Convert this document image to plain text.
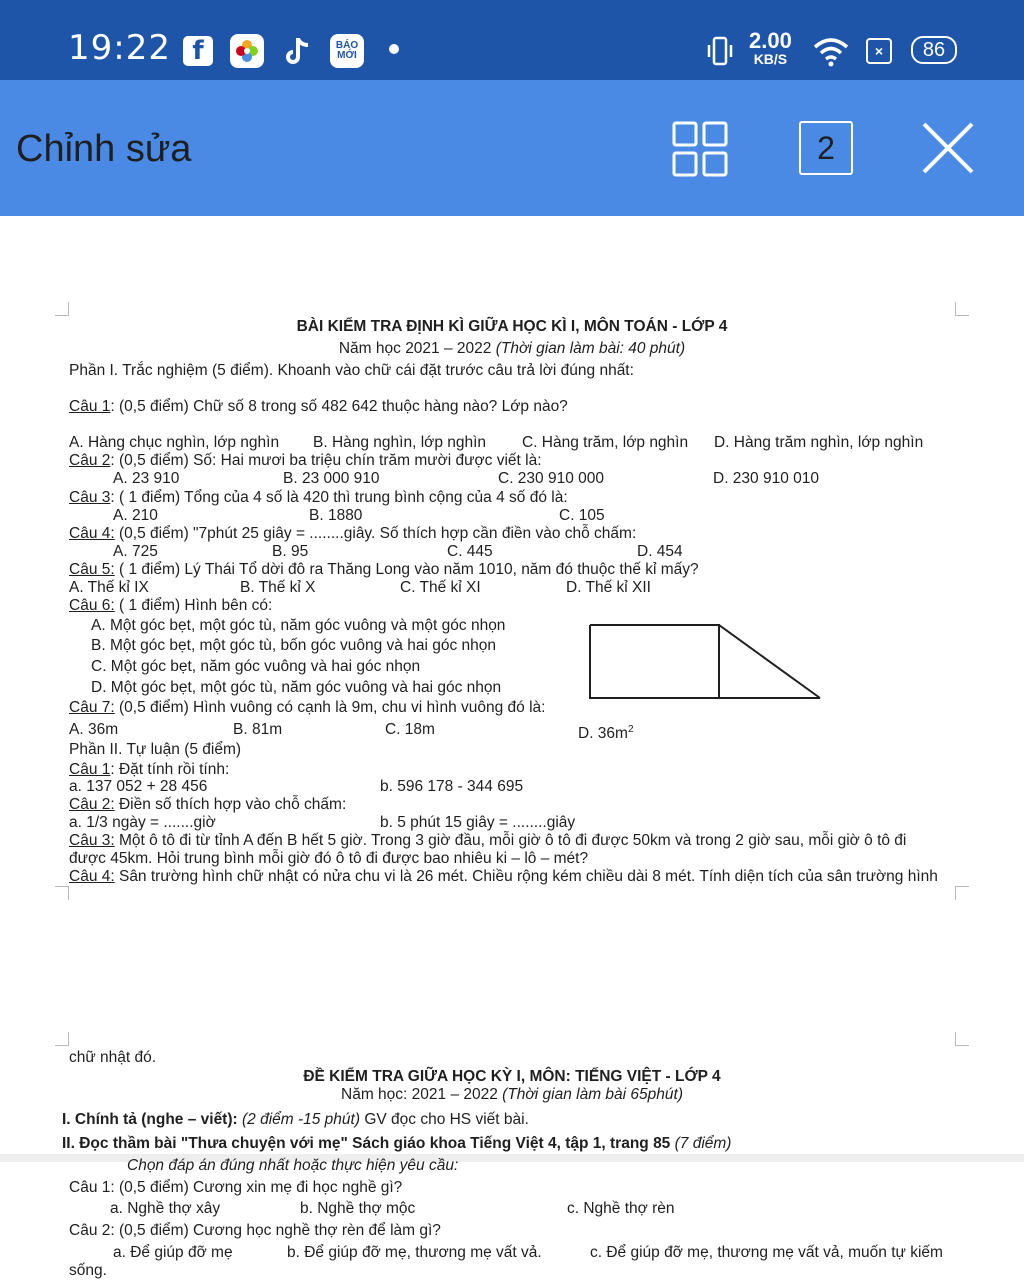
19:22 f	BÁO
MỚI
2.00
KB/S	×	86
Chỉnh sửa	2
BÀI KIỂM TRA ĐỊNH KÌ GIỮA HỌC KÌ I, MÔN TOÁN - LỚP 4
Năm học 2021 – 2022 (Thời gian làm bài: 40 phút)
Phần I. Trắc nghiệm (5 điểm). Khoanh vào chữ cái đặt trước câu trả lời đúng nhất:
Câu 1: (0,5 điểm) Chữ số 8 trong số 482 642 thuộc hàng nào? Lớp nào?
A. Hàng chục nghìn, lớp nghìn B. Hàng nghìn, lớp nghìn C. Hàng trăm, lớp nghìn D. Hàng trăm nghìn, lớp nghìn
Câu 2: (0,5 điểm) Số: Hai mươi ba triệu chín trăm mười được viết là:
A. 23 910	B. 23 000 910	C. 230 910 000	D. 230 910 010
Câu 3: ( 1 điểm) Tổng của 4 số là 420 thì trung bình cộng của 4 số đó là:
A. 210	B. 1880	C. 105
Câu 4: (0,5 điểm) "7phút 25 giây = ........giây. Số thích hợp cần điền vào chỗ chấm:
A. 725	B. 95	C. 445	D. 454
Câu 5: ( 1 điểm) Lý Thái Tổ dời đô ra Thăng Long vào năm 1010, năm đó thuộc thế kỉ mấy?
A. Thế kỉ IX	B. Thế kỉ X	C. Thế kỉ XI	D. Thế kỉ XII
Câu 6: ( 1 điểm) Hình bên có:
A. Một góc bẹt, một góc tù, năm góc vuông và một góc nhọn
B. Một góc bẹt, một góc tù, bốn góc vuông và hai góc nhọn
C. Một góc bẹt, năm góc vuông và hai góc nhọn
D. Một góc bẹt, một góc tù, năm góc vuông và hai góc nhọn
Câu 7: (0,5 điểm) Hình vuông có cạnh là 9m, chu vi hình vuông đó là:
A. 36m	B. 81m	C. 18m	D. $36m^2$
Phần II. Tự luận (5 điểm)
Câu 1: Đặt tính rồi tính:
a. 137 052 + 28 456	b. 596 178 - 344 695
Câu 2: Điền số thích hợp vào chỗ chấm:
a. 1/3 ngày = .......giờ	b. 5 phút 15 giây = ........giây
Câu 3: Một ô tô đi từ tỉnh A đến B hết 5 giờ. Trong 3 giờ đầu, mỗi giờ ô tô đi được 50km và trong 2 giờ sau, mỗi giờ ô tô đi
được 45km. Hỏi trung bình mỗi giờ đó ô tô đi được bao nhiêu ki – lô – mét?
Câu 4: Sân trường hình chữ nhật có nửa chu vi là 26 mét. Chiều rộng kém chiều dài 8 mét. Tính diện tích của sân trường hình
chữ nhật đó.
ĐỀ KIỂM TRA GIỮA HỌC KỲ I, MÔN: TIẾNG VIỆT - LỚP 4
Năm học: 2021 – 2022 (Thời gian làm bài 65phút)
I. Chính tả (nghe – viết): (2 điểm -15 phút) GV đọc cho HS viết bài.
II. Đọc thầm bài "Thưa chuyện với mẹ" Sách giáo khoa Tiếng Việt 4, tập 1, trang 85 (7 điểm)
Chọn đáp án đúng nhất hoặc thực hiện yêu cầu:
Câu 1: (0,5 điểm) Cương xin mẹ đi học nghề gì?
a. Nghề thợ xây	b. Nghề thợ mộc	c. Nghề thợ rèn
Câu 2: (0,5 điểm) Cương học nghề thợ rèn để làm gì?
a. Để giúp đỡ mẹ	b. Để giúp đỡ mẹ, thương mẹ vất vả.	c. Để giúp đỡ mẹ, thương mẹ vất vả, muốn tự kiếm
sống.
